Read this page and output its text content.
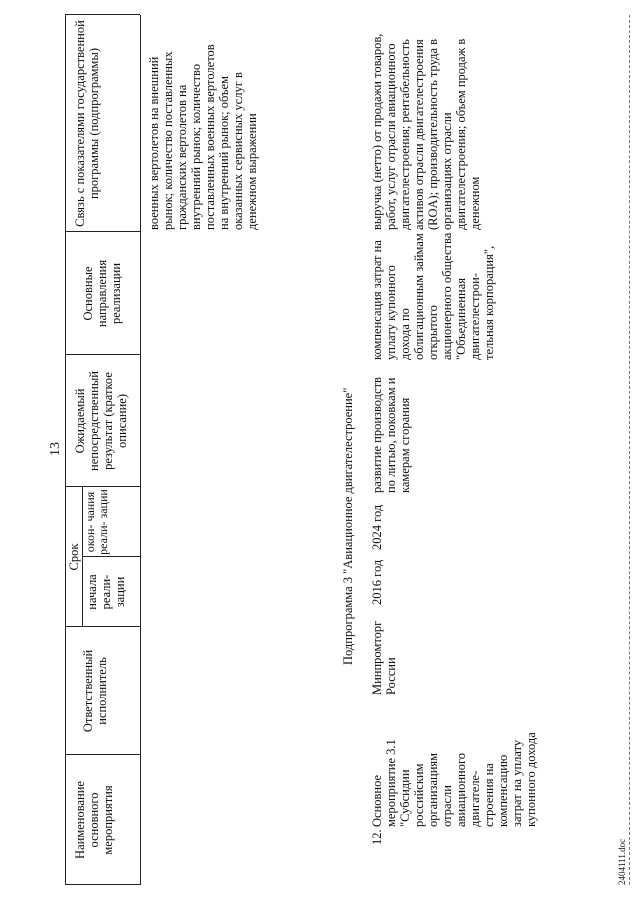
13
Наименование основного мероприятия
Ответственный исполнитель
Срок
начала реали- зации
окон- чания реали- зации
Ожидаемый непосредственный результат (краткое описание)
Основные направления реализации
Связь с показателями государственной программы (подпрограммы)	военных вертолетов на внешний рынок; количество поставленных гражданских вертолетов на внутренний рынок; количество поставленных военных вертолетов на внутренний рынок; объем оказанных сервисных услуг в денежном выражении
Подпрограмма 3 "Авиационное двигателестроение"
12.
Основное мероприятие 3.1 "Субсидии российским организациям отрасли авиационного двигателе- строения на компенсацию затрат на уплату купонного дохода
Минпромторг России
2016 год
2024 год
развитие производств по литью, поковкам и камерам сгорания
компенсация затрат на уплату купонного дохода по облигационным займам открытого акционерного общества "Объединенная двигателестрои- тельная корпорация",
выручка (нетто) от продажи товаров, работ, услуг отрасли авиационного двигателестроения; рентабельность активов отрасли двигателестроения (ROA); производительность труда в организациях отрасли двигателестроения; объем продаж в денежном
2404111.doc
